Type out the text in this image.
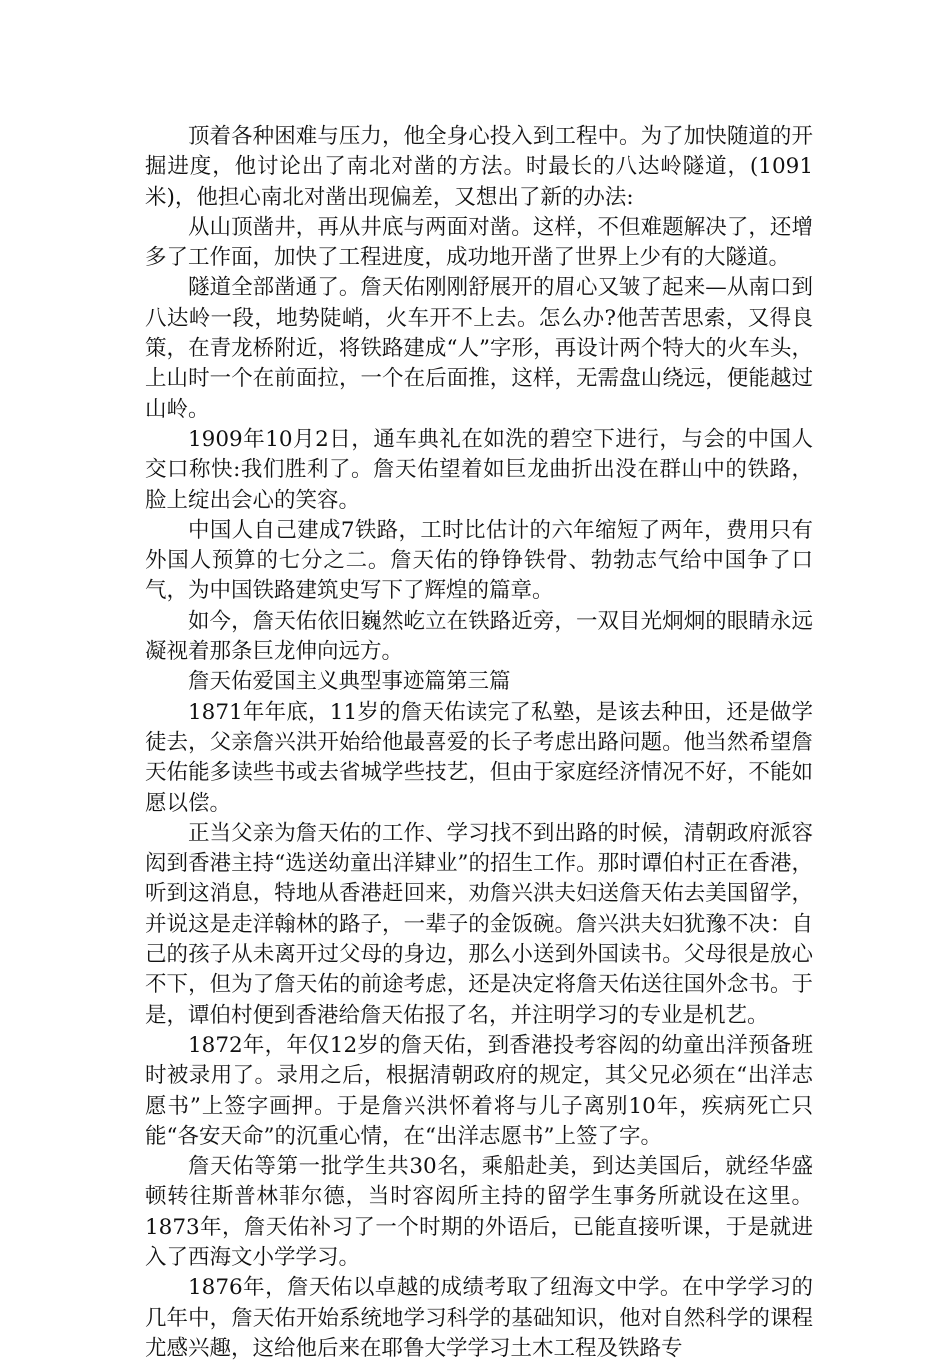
顶着各种困难与压力，他全身心投入到工程中。为了加快随道的开掘进度，他讨论出了南北对凿的方法。时最长的八达岭隧道，(1091米)，他担心南北对凿出现偏差，又想出了新的办法:

从山顶凿井，再从井底与两面对凿。这样，不但难题解决了，还增多了工作面，加快了工程进度，成功地开凿了世界上少有的大隧道。

隧道全部凿通了。詹天佑刚刚舒展开的眉心又皱了起来—从南口到八达岭一段，地势陡峭，火车开不上去。怎么办?他苦苦思索，又得良策，在青龙桥附近，将铁路建成“人”字形，再设计两个特大的火车头，上山时一个在前面拉，一个在后面推，这样，无需盘山绕远，便能越过山岭。

1909年10月2日，通车典礼在如洗的碧空下进行，与会的中国人交口称快:我们胜利了。詹天佑望着如巨龙曲折出没在群山中的铁路，脸上绽出会心的笑容。

中国人自己建成7铁路，工时比估计的六年缩短了两年，费用只有外国人预算的七分之二。詹天佑的铮铮铁骨、勃勃志气给中国争了口气，为中国铁路建筑史写下了辉煌的篇章。

如今，詹天佑依旧巍然屹立在铁路近旁，一双目光炯炯的眼睛永远凝视着那条巨龙伸向远方。

詹天佑爱国主义典型事迹篇第三篇

1871年年底，11岁的詹天佑读完了私塾，是该去种田，还是做学徒去，父亲詹兴洪开始给他最喜爱的长子考虑出路问题。他当然希望詹天佑能多读些书或去省城学些技艺，但由于家庭经济情况不好，不能如愿以偿。

正当父亲为詹天佑的工作、学习找不到出路的时候，清朝政府派容闳到香港主持“选送幼童出洋肄业”的招生工作。那时谭伯村正在香港，听到这消息，特地从香港赶回来，劝詹兴洪夫妇送詹天佑去美国留学，并说这是走洋翰林的路子，一辈子的金饭碗。詹兴洪夫妇犹豫不决：自己的孩子从未离开过父母的身边，那么小送到外国读书。父母很是放心不下，但为了詹天佑的前途考虑，还是决定将詹天佑送往国外念书。于是，谭伯村便到香港给詹天佑报了名，并注明学习的专业是机艺。

1872年，年仅12岁的詹天佑，到香港投考容闳的幼童出洋预备班时被录用了。录用之后，根据清朝政府的规定，其父兄必须在“出洋志愿书”上签字画押。于是詹兴洪怀着将与儿子离别10年，疾病死亡只能“各安天命”的沉重心情，在“出洋志愿书”上签了字。

詹天佑等第一批学生共30名，乘船赴美，到达美国后，就经华盛顿转往斯普林菲尔德，当时容闳所主持的留学生事务所就设在这里。1873年，詹天佑补习了一个时期的外语后，已能直接听课，于是就进入了西海文小学学习。

1876年，詹天佑以卓越的成绩考取了纽海文中学。在中学学习的几年中，詹天佑开始系统地学习科学的基础知识，他对自然科学的课程尤感兴趣，这给他后来在耶鲁大学学习土木工程及铁路专
